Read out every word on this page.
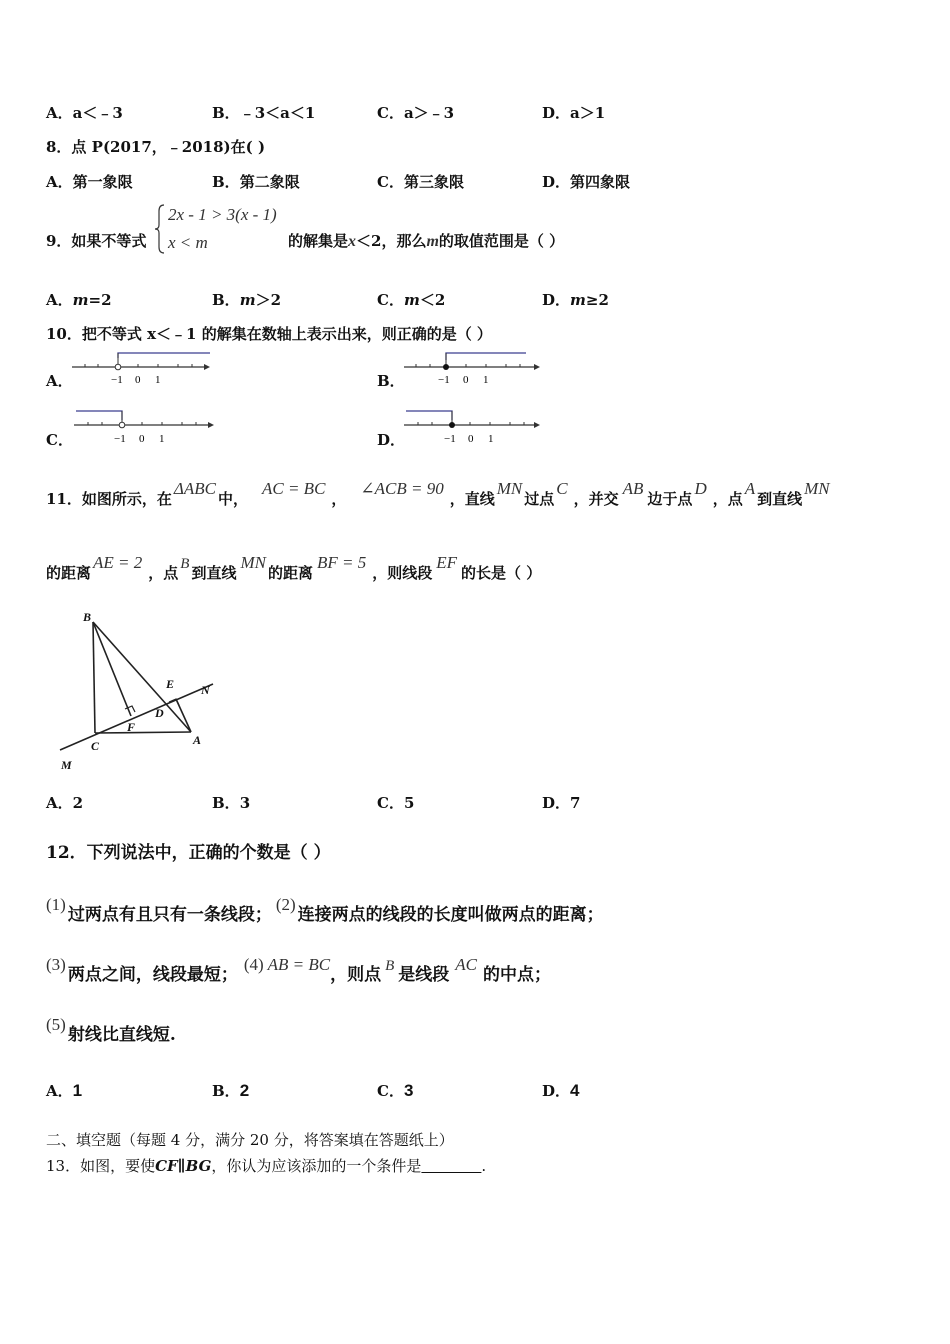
A．a＜﹣3	B．﹣3＜a＜1	C．a＞﹣3	D．a＞1
8．点 P(2017，﹣2018)在( )
A．第一象限	B．第二象限	C．第三象限	D．第四象限
9．如果不等式
2x - 1 > 3(x - 1)
x < m	的解集是 x ＜2，那么 m 的取值范围是（ ）
A．m=2	B．m＞2	C．m＜2	D．m≥2
10．把不等式 x＜﹣1 的解集在数轴上表示出来，则正确的是（ ）
A．	−1 0 1	B．	−1 0 1
C．	−1 0 1	D．	−1 0 1
11．如图所示，在
ΔABC
中，
AC = BC
，
∠ACB = 90
，直线
MN
过点
C
，并交
AB
边于点
D
，点
A
到直线
MN
的距离
AE = 2
，点 B 到直线
MN
的距离
BF = 5
，则线段
EF
的长是（ ）
B
E N
D
F
C	A
M
A．2	B．3	C．5	D．7
12．下列说法中，正确的个数是（ ）
(1)
过两点有且只有一条线段；
(2)
连接两点的线段的长度叫做两点的距离；
(3)
两点之间，线段最短；
(4) AB = BC
，则点 B 是线段
AC
的中点；
(5)
射线比直线短.
A．1	B．2	C．3	D．4
二、填空题（每题 4 分，满分 20 分，将答案填在答题纸上）
13．如图，要使 CF∥BG ，你认为应该添加的一个条件是 ________ .
